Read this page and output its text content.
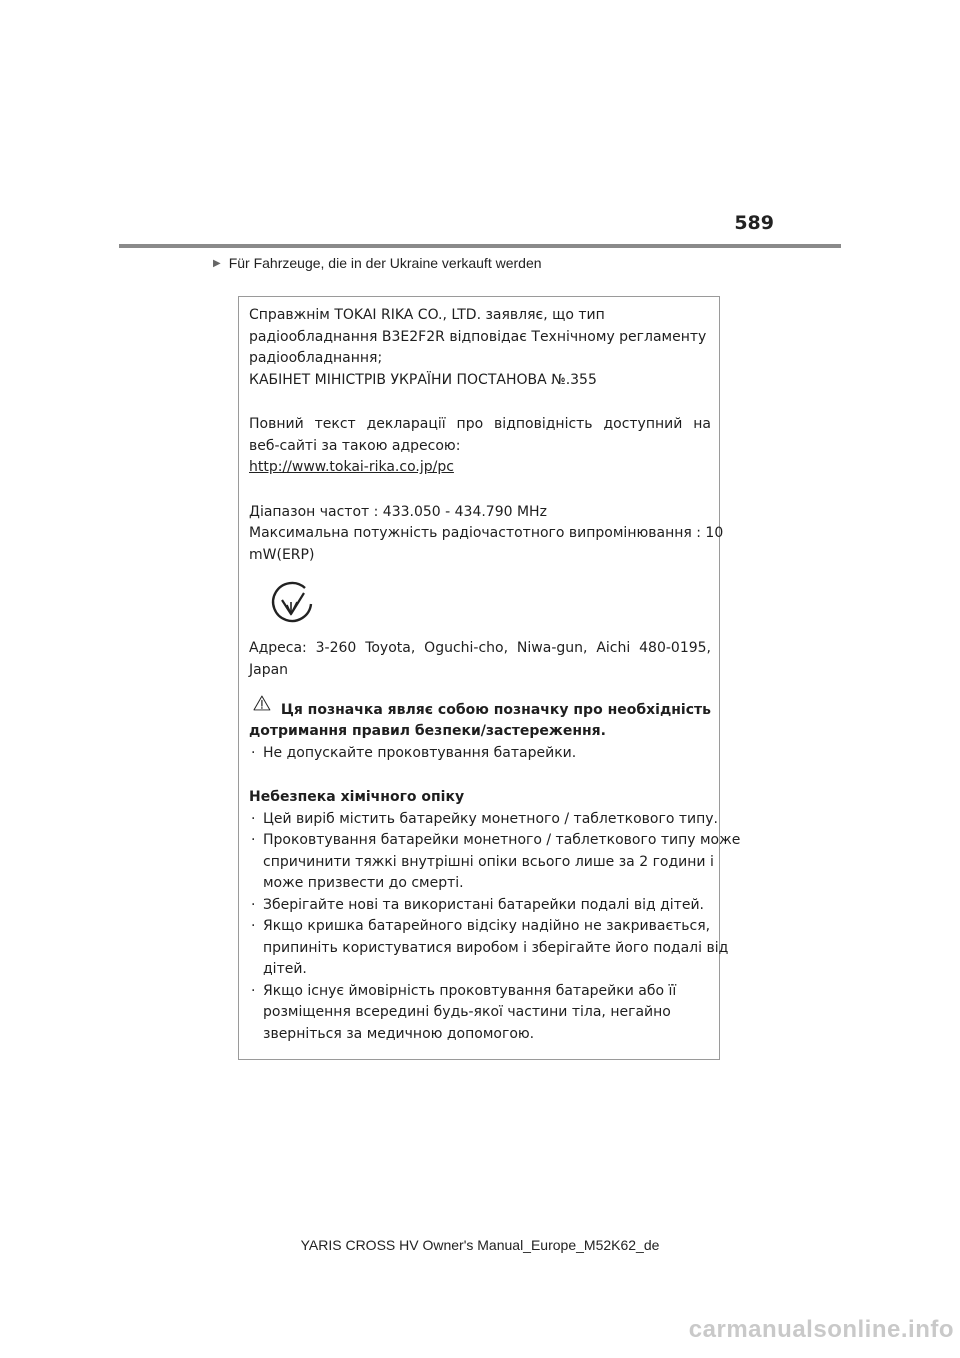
589
▶ Für Fahrzeuge, die in der Ukraine verkauft werden
Справжнім TOKAI RIKA CO., LTD. заявляє, що тип
радіообладнання B3E2F2R відповідає Технічному регламенту
радіообладнання;
КАБІНЕТ МІНІСТРІВ УКРАЇНИ ПОСТАНОВА №.355
Повний текст декларації про відповідність доступний на
веб-сайті за такою адресою:
http://www.tokai-rika.co.jp/pc
Діапазон частот : 433.050 - 434.790 MHz
Максимальна потужність радіочастотного випромінювання : 10
mW(ERP)
Адреса: 3-260 Toyota, Oguchi-cho, Niwa-gun, Aichi 480-0195,
Japan
Ця позначка являє собою позначку про необхідність
дотримання правил безпеки/застереження.
· Не допускайте проковтування батарейки.
Небезпека хімічного опіку
· Цей виріб містить батарейку монетного / таблеткового типу.
· Проковтування батарейки монетного / таблеткового типу може
спричинити тяжкі внутрішні опіки всього лише за 2 години і
може призвести до смерті.
· Зберігайте нові та використані батарейки подалі від дітей.
· Якщо кришка батарейного відсіку надійно не закривається,
припиніть користуватися виробом і зберігайте його подалі від
дітей.
· Якщо існує ймовірність проковтування батарейки або її
розміщення всередині будь-якої частини тіла, негайно
зверніться за медичною допомогою.
YARIS CROSS HV Owner's Manual_Europe_M52K62_de
carmanualsonline.info
